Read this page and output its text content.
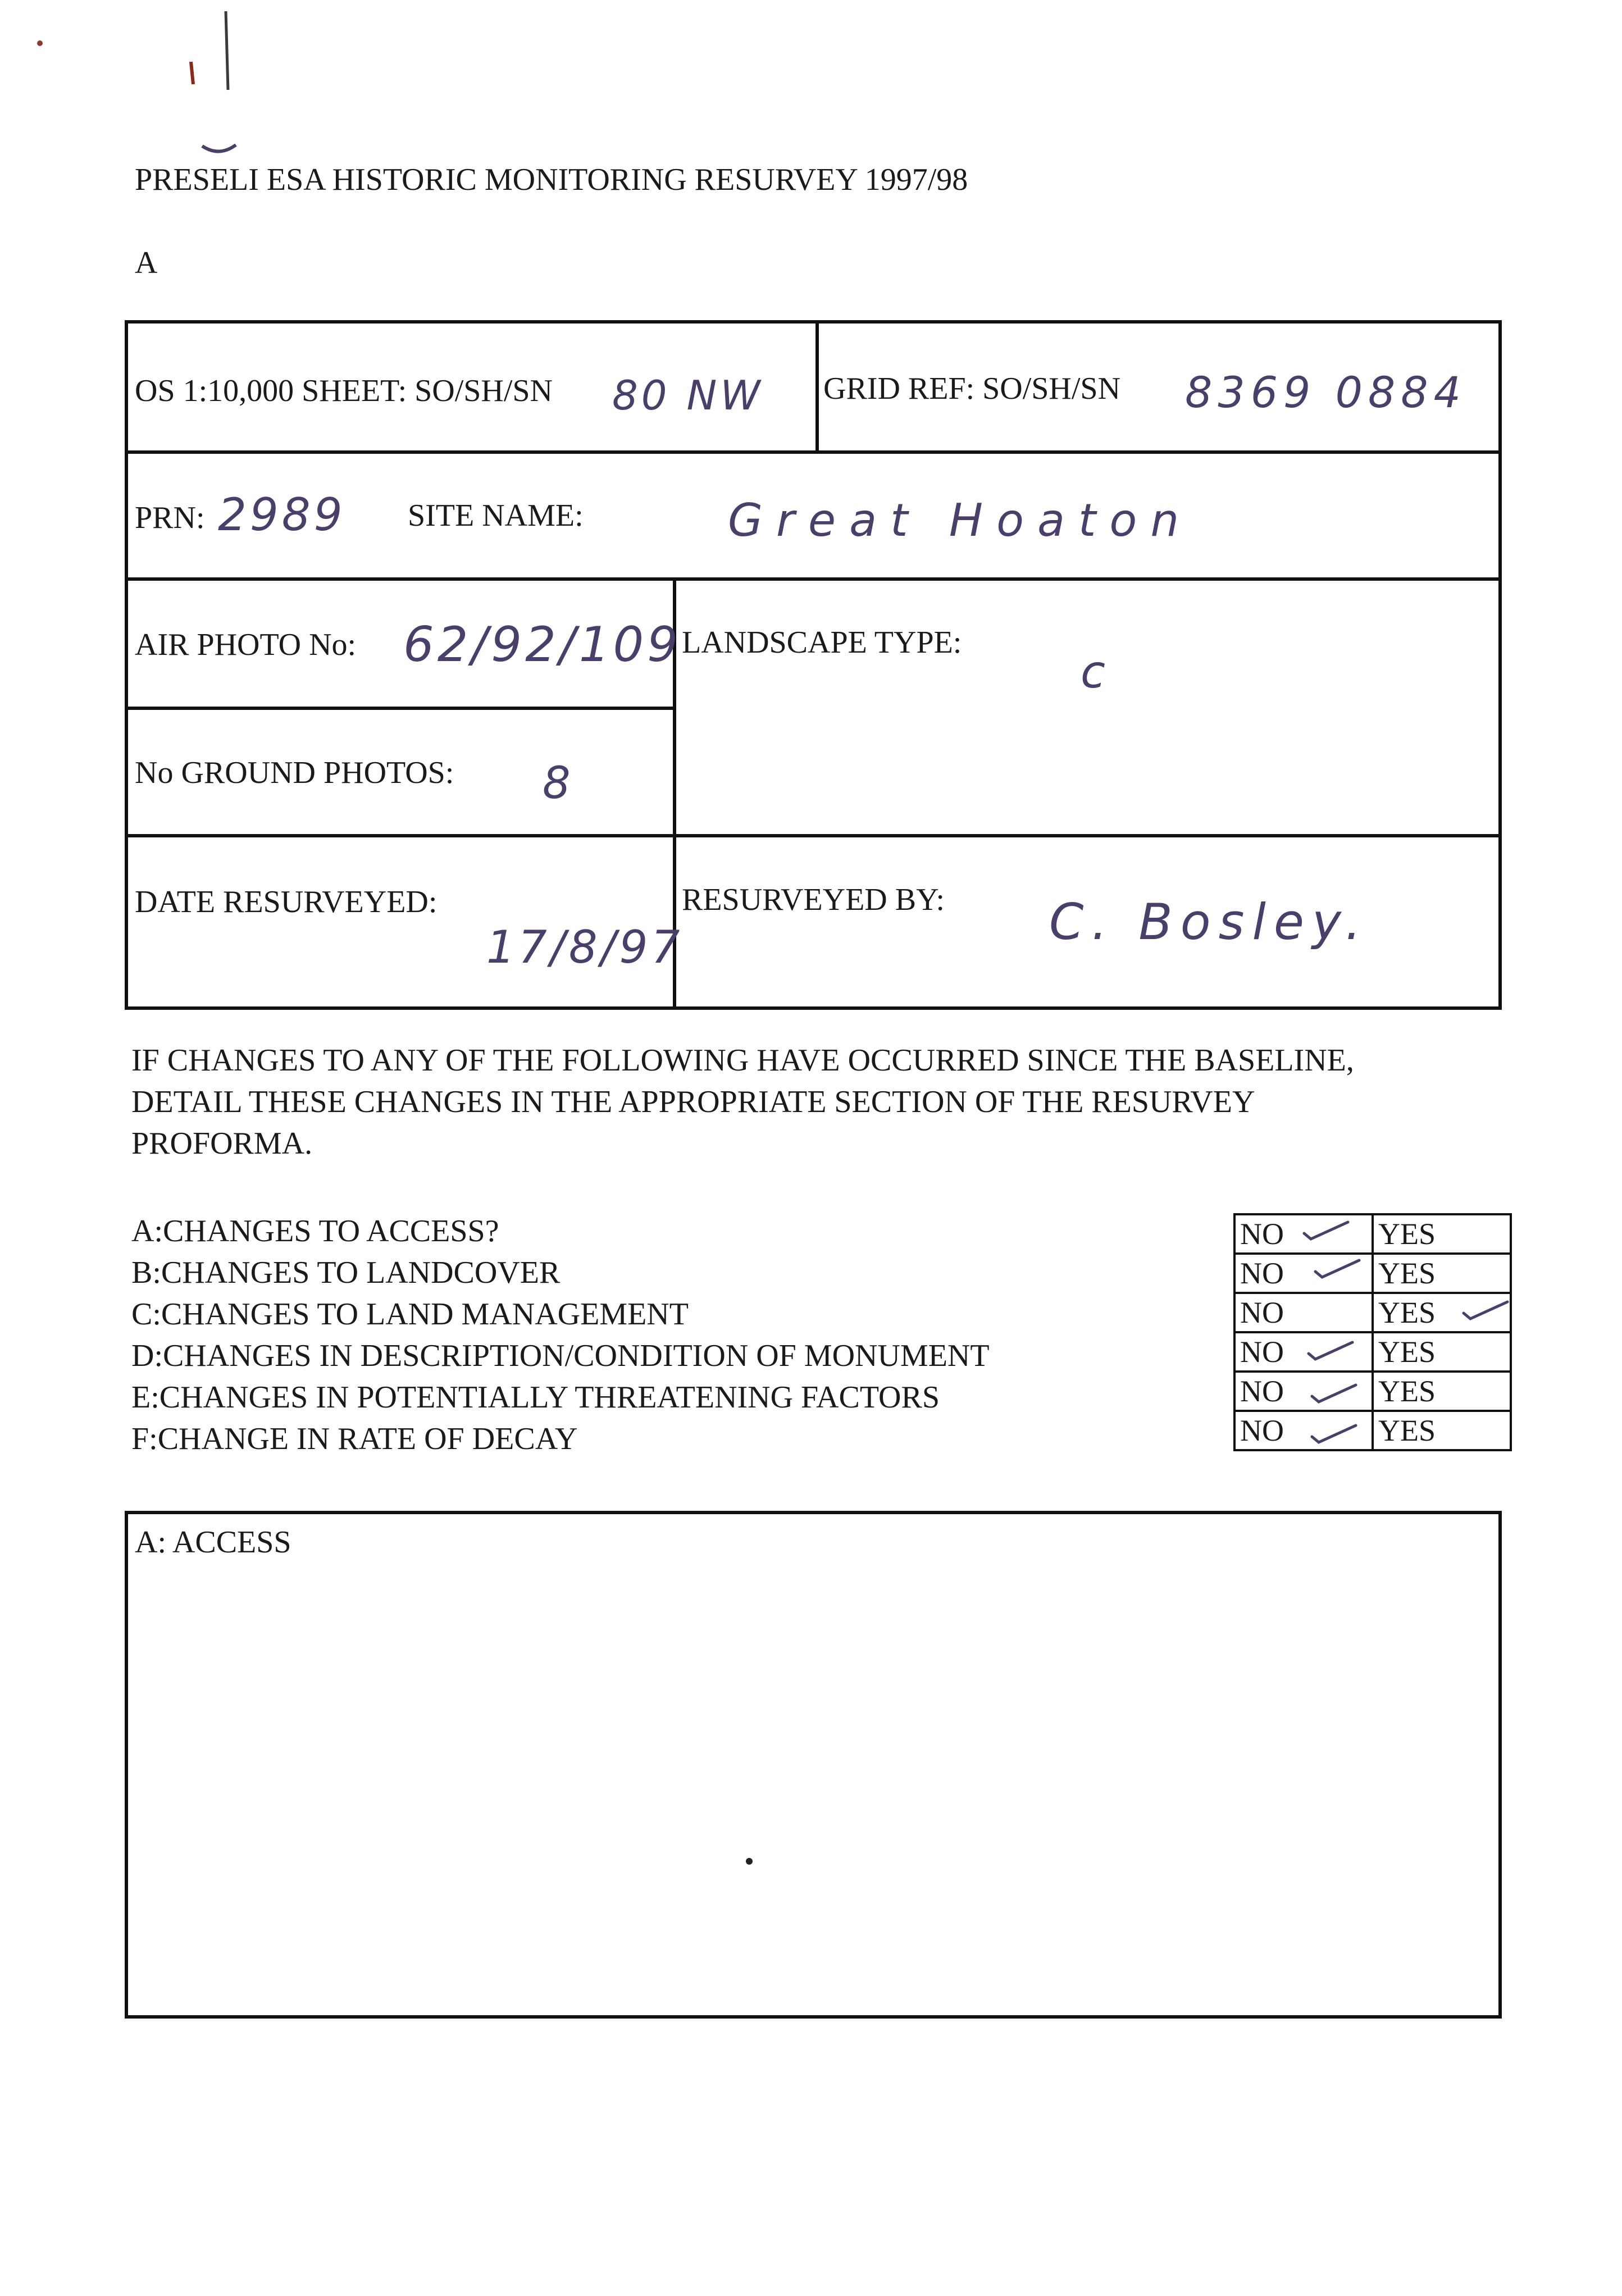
PRESELI ESA HISTORIC MONITORING RESURVEY 1997/98
A
OS 1:10,000 SHEET: SO/SH/SN 80 NW GRID REF: SO/SH/SN 8369 0884
PRN: 2989 SITE NAME:	Great Hoaton
AIR PHOTO No: 62/92/109 LANDSCAPE TYPE:
c
No GROUND PHOTOS: 8
DATE RESURVEYED:
17/8/97
RESURVEYED BY: C. Bosley.
IF CHANGES TO ANY OF THE FOLLOWING HAVE OCCURRED SINCE THE BASELINE,
DETAIL THESE CHANGES IN THE APPROPRIATE SECTION OF THE RESURVEY
PROFORMA.
A:CHANGES TO ACCESS?
B:CHANGES TO LANDCOVER
C:CHANGES TO LAND MANAGEMENT
D:CHANGES IN DESCRIPTION/CONDITION OF MONUMENT
E:CHANGES IN POTENTIALLY THREATENING FACTORS
F:CHANGE IN RATE OF DECAY
NO	YES
NO	YES
NO	YES
NO	YES
NO	YES
NO	YES
A: ACCESS
